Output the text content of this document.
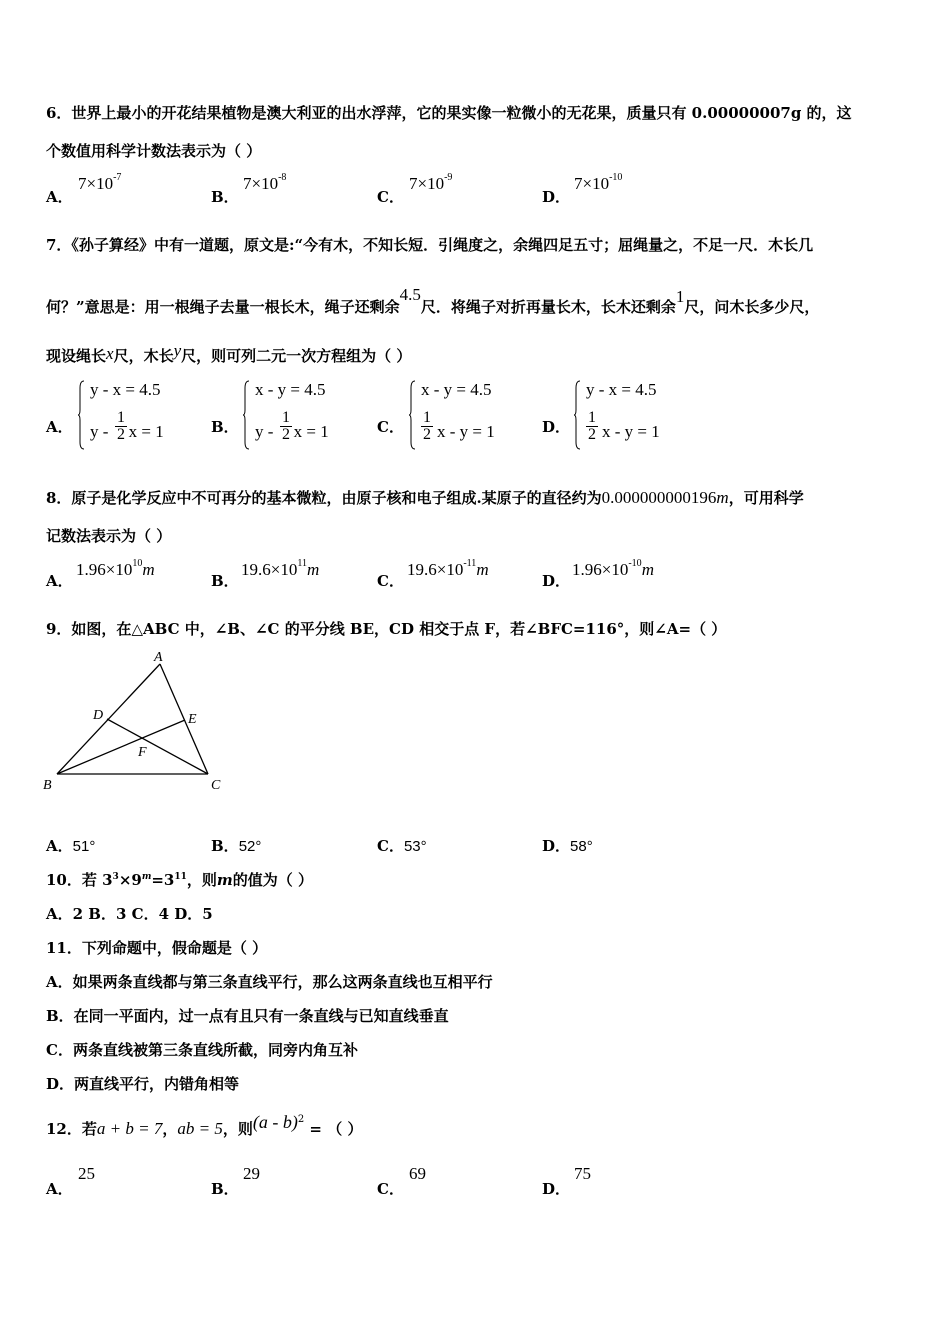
6．世界上最小的开花结果植物是澳大利亚的出水浮萍，它的果实像一粒微小的无花果，质量只有 0.00000007g 的，这
个数值用科学计数法表示为（ ）
A．
$7\times 10^{-7}$
B．
$7\times 10^{-8}$
C．
$7\times 10^{-9}$
D．
$7\times 10^{-10}$
7．《孙子算经》中有一道题，原文是:“今有木，不知长短．引绳度之，余绳四足五寸；屈绳量之，不足一尺．木长几
何？”意思是：用一根绳子去量一根长木，绳子还剩余4.5尺．将绳子对折再量长木，长木还剩余1尺，问木长多少尺，
现设绳长x尺，木长y尺，则可列二元一次方程组为（ ）
A．
y - x = 4.5
y - x = 1
1
2	B．
x - y = 4.5
y - x = 1
1
2	C．
x - y = 4.5
x - y = 1
1
2	D．
y - x = 4.5
x - y = 1
1
2
8．原子是化学反应中不可再分的基本微粒，由原子核和电子组成.某原子的直径约为0.000000000196m，可用科学
记数法表示为（ ）
A．
$1.96\times 10^{10}m$
B．
$19.6\times 10^{11}m$
C．
$19.6\times 10^{-11}m$
D．
$1.96\times 10^{-10}m$
9．如图，在△ABC 中，∠B、∠C 的平分线 BE，CD 相交于点 F，若∠BFC=116°，则∠A=（ ）
A
B	C
D	E
F
A．51°	B．52°	C．53°	D．58°
10．若 $3^3\times 9^m=3^{11}$，则m的值为（ ）
A．2 B．3 C．4 D．5
11．下列命题中，假命题是（ ）
A．如果两条直线都与第三条直线平行，那么这两条直线也互相平行
B．在同一平面内，过一点有且只有一条直线与已知直线垂直
C．两条直线被第三条直线所截，同旁内角互补
D．两直线平行，内错角相等
12．若a + b = 7，ab = 5，则(a - b)$^2$ = （ ）
A．
25
B．
29
C．
69
D．
75
